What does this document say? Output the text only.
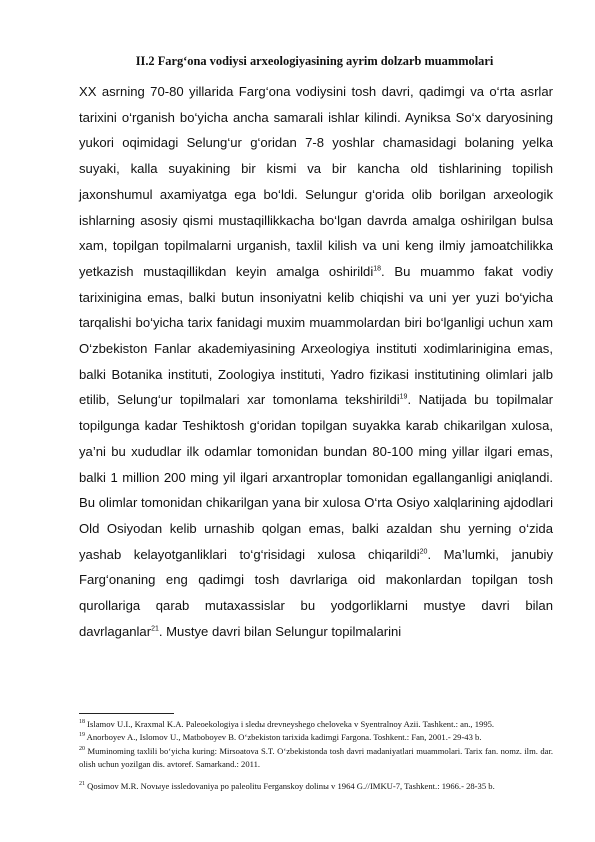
II.2 Farg‘ona vodiysi arxeologiyasining ayrim dolzarb muammolari

XX asrning 70-80 yillarida Farg‘ona vodiysini tosh davri, qadimgi va o‘rta asrlar tarixini o‘rganish bo‘yicha ancha samarali ishlar kilindi. Ayniksa So‘x daryosining yukori oqimidagi Selung‘ur g‘oridan 7-8 yoshlar chamasidagi bolaning yelka suyaki, kalla suyakining bir kismi va bir kancha old tishlarining topilish jaxonshumul axamiyatga ega bo‘ldi. Selungur g‘orida olib borilgan arxeologik ishlarning asosiy qismi mustaqillikkacha bo‘lgan davrda amalga oshirilgan bulsa xam, topilgan topilmalarni urganish, taxlil kilish va uni keng ilmiy jamoatchilikka yetkazish mustaqillikdan keyin amalga oshirildi$^{18}$. Bu muammo fakat vodiy tarixinigina emas, balki butun insoniyatni kelib chiqishi va uni yer yuzi bo‘yicha tarqalishi bo‘yicha tarix fanidagi muxim muammolardan biri bo‘lganligi uchun xam O‘zbekiston Fanlar akademiyasining Arxeologiya instituti xodimlarinigina emas, balki Botanika instituti, Zoologiya instituti, Yadro fizikasi institutining olimlari jalb etilib, Selung‘ur topilmalari xar tomonlama tekshirildi$^{19}$. Natijada bu topilmalar topilgunga kadar Teshiktosh g‘oridan topilgan suyakka karab chikarilgan xulosa, ya’ni bu xududlar ilk odamlar tomonidan bundan 80-100 ming yillar ilgari emas, balki 1 million 200 ming yil ilgari arxantroplar tomonidan egallanganligi aniqlandi. Bu olimlar tomonidan chikarilgan yana bir xulosa O‘rta Osiyo xalqlarining ajdodlari Old Osiyodan kelib urnashib qolgan emas, balki azaldan shu yerning o‘zida yashab kelayotganliklari to‘g‘risidagi xulosa chiqarildi$^{20}$. Ma’lumki, janubiy Farg‘onaning eng qadimgi tosh davrlariga oid makonlardan topilgan tosh qurollariga qarab mutaxassislar bu yodgorliklarni mustye davri bilan davrlaganlar$^{21}$. Mustye davri bilan Selungur topilmalarini

$^{18}$ Islamov U.I., Kraxmal K.A. Paleoekologiya i sledы drevneyshego cheloveka v Syentralnoy Azii. Tashkent.: an., 1995.

$^{19}$ Anorboyev A., Islomov U., Matboboyev B. O‘zbekiston tarixida kadimgi Fargona. Toshkent.: Fan, 2001.- 29-43 b.

$^{20}$ Muminoming taxlili bo‘yicha kuring: Mirsoatova S.T. O‘zbekistonda tosh davri madaniyatlari muammolari. Tarix fan. nomz. ilm. dar. olish uchun yozilgan dis. avtoref. Samarkand.: 2011.

$^{21}$ Qosimov M.R. Novыye issledovaniya po paleolitu Ferganskoy dolinы v 1964 G.//IMKU-7, Tashkent.: 1966.- 28-35 b.
